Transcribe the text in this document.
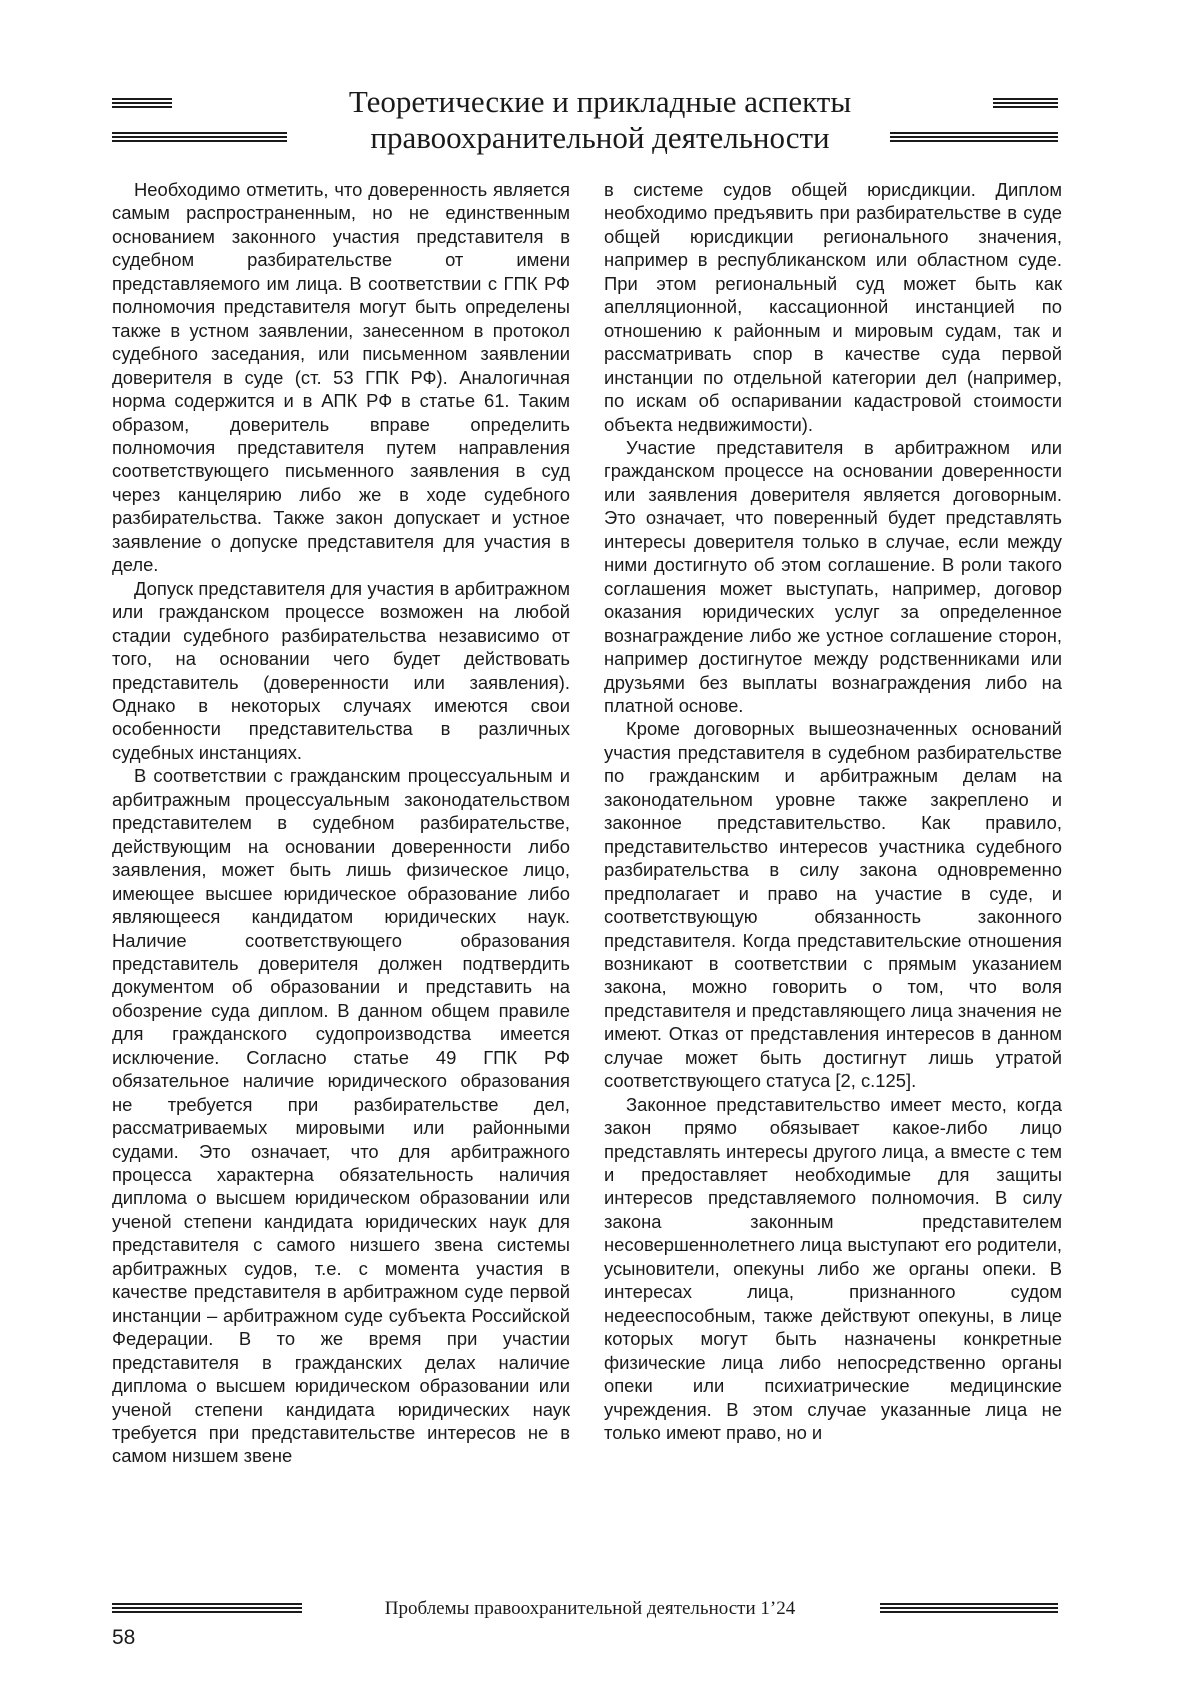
Теоретические и прикладные аспекты
правоохранительной деятельности

Необходимо отметить, что доверенность является самым распространенным, но не единственным основанием законного участия представителя в судебном разбирательстве от имени представляемого им лица. В соответствии с ГПК РФ полномочия представителя могут быть определены также в устном заявлении, занесенном в протокол судебного заседания, или письменном заявлении доверителя в суде (ст. 53 ГПК РФ). Аналогичная норма содержится и в АПК РФ в статье 61. Таким образом, доверитель вправе определить полномочия представителя путем направления соответствующего письменного заявления в суд через канцелярию либо же в ходе судебного разбирательства. Также закон допускает и устное заявление о допуске представителя для участия в деле.

Допуск представителя для участия в арбитражном или гражданском процессе возможен на любой стадии судебного разбирательства независимо от того, на основании чего будет действовать представитель (доверенности или заявления). Однако в некоторых случаях имеются свои особенности представительства в различных судебных инстанциях.

В соответствии с гражданским процессуальным и арбитражным процессуальным законодательством представителем в судебном разбирательстве, действующим на основании доверенности либо заявления, может быть лишь физическое лицо, имеющее высшее юридическое образование либо являющееся кандидатом юридических наук. Наличие соответствующего образования представитель доверителя должен подтвердить документом об образовании и представить на обозрение суда диплом. В данном общем правиле для гражданского судопроизводства имеется исключение. Согласно статье 49 ГПК РФ обязательное наличие юридического образования не требуется при разбирательстве дел, рассматриваемых мировыми или районными судами. Это означает, что для арбитражного процесса характерна обязательность наличия диплома о высшем юридическом образовании или ученой степени кандидата юридических наук для представителя с самого низшего звена системы арбитражных судов, т.е. с момента участия в качестве представителя в арбитражном суде первой инстанции – арбитражном суде субъекта Российской Федерации. В то же время при участии представителя в гражданских делах наличие диплома о высшем юридическом образовании или ученой степени кандидата юридических наук требуется при представительстве интересов не в самом низшем звене

в системе судов общей юрисдикции. Диплом необходимо предъявить при разбирательстве в суде общей юрисдикции регионального значения, например в республиканском или областном суде. При этом региональный суд может быть как апелляционной, кассационной инстанцией по отношению к районным и мировым судам, так и рассматривать спор в качестве суда первой инстанции по отдельной категории дел (например, по искам об оспаривании кадастровой стоимости объекта недвижимости).

Участие представителя в арбитражном или гражданском процессе на основании доверенности или заявления доверителя является договорным. Это означает, что поверенный будет представлять интересы доверителя только в случае, если между ними достигнуто об этом соглашение. В роли такого соглашения может выступать, например, договор оказания юридических услуг за определенное вознаграждение либо же устное соглашение сторон, например достигнутое между родственниками или друзьями без выплаты вознаграждения либо на платной основе.

Кроме договорных вышеозначенных оснований участия представителя в судебном разбирательстве по гражданским и арбитражным делам на законодательном уровне также закреплено и законное представительство. Как правило, представительство интересов участника судебного разбирательства в силу закона одновременно предполагает и право на участие в суде, и соответствующую обязанность законного представителя. Когда представительские отношения возникают в соответствии с прямым указанием закона, можно говорить о том, что воля представителя и представляющего лица значения не имеют. Отказ от представления интересов в данном случае может быть достигнут лишь утратой соответствующего статуса [2, с.125].

Законное представительство имеет место, когда закон прямо обязывает какое-либо лицо представлять интересы другого лица, а вместе с тем и предоставляет необходимые для защиты интересов представляемого полномочия. В силу закона законным представителем несовершеннолетнего лица выступают его родители, усыновители, опекуны либо же органы опеки. В интересах лица, признанного судом недееспособным, также действуют опекуны, в лице которых могут быть назначены конкретные физические лица либо непосредственно органы опеки или психиатрические медицинские учреждения. В этом случае указанные лица не только имеют право, но и

Проблемы правоохранительной деятельности 1’24
58
